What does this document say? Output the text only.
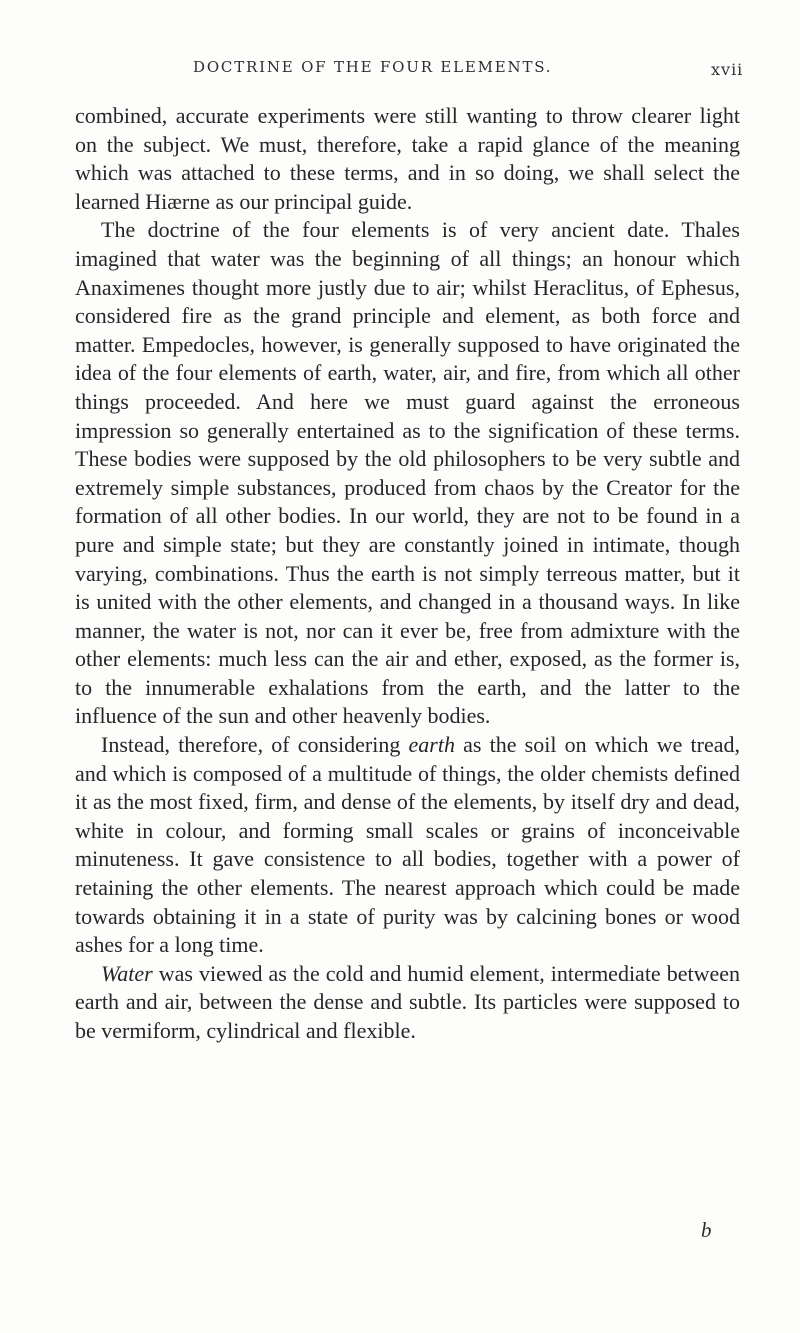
DOCTRINE OF THE FOUR ELEMENTS.	xvii

combined, accurate experiments were still wanting to throw clearer light on the subject. We must, therefore, take a rapid glance of the meaning which was attached to these terms, and in so doing, we shall select the learned Hiærne as our principal guide.

The doctrine of the four elements is of very ancient date. Thales imagined that water was the beginning of all things; an honour which Anaximenes thought more justly due to air; whilst Heraclitus, of Ephesus, considered fire as the grand principle and element, as both force and matter. Empedocles, however, is generally supposed to have originated the idea of the four elements of earth, water, air, and fire, from which all other things proceeded. And here we must guard against the erroneous impression so generally entertained as to the signification of these terms. These bodies were supposed by the old philosophers to be very subtle and extremely simple substances, produced from chaos by the Creator for the formation of all other bodies. In our world, they are not to be found in a pure and simple state; but they are constantly joined in intimate, though varying, combinations. Thus the earth is not simply terreous matter, but it is united with the other elements, and changed in a thousand ways. In like manner, the water is not, nor can it ever be, free from admixture with the other elements: much less can the air and ether, exposed, as the former is, to the innumerable exhalations from the earth, and the latter to the influence of the sun and other heavenly bodies.

Instead, therefore, of considering earth as the soil on which we tread, and which is composed of a multitude of things, the older chemists defined it as the most fixed, firm, and dense of the elements, by itself dry and dead, white in colour, and forming small scales or grains of inconceivable minuteness. It gave consistence to all bodies, together with a power of retaining the other elements. The nearest approach which could be made towards obtaining it in a state of purity was by calcining bones or wood ashes for a long time.

Water was viewed as the cold and humid element, intermediate between earth and air, between the dense and subtle. Its particles were supposed to be vermiform, cylindrical and flexible.

b
